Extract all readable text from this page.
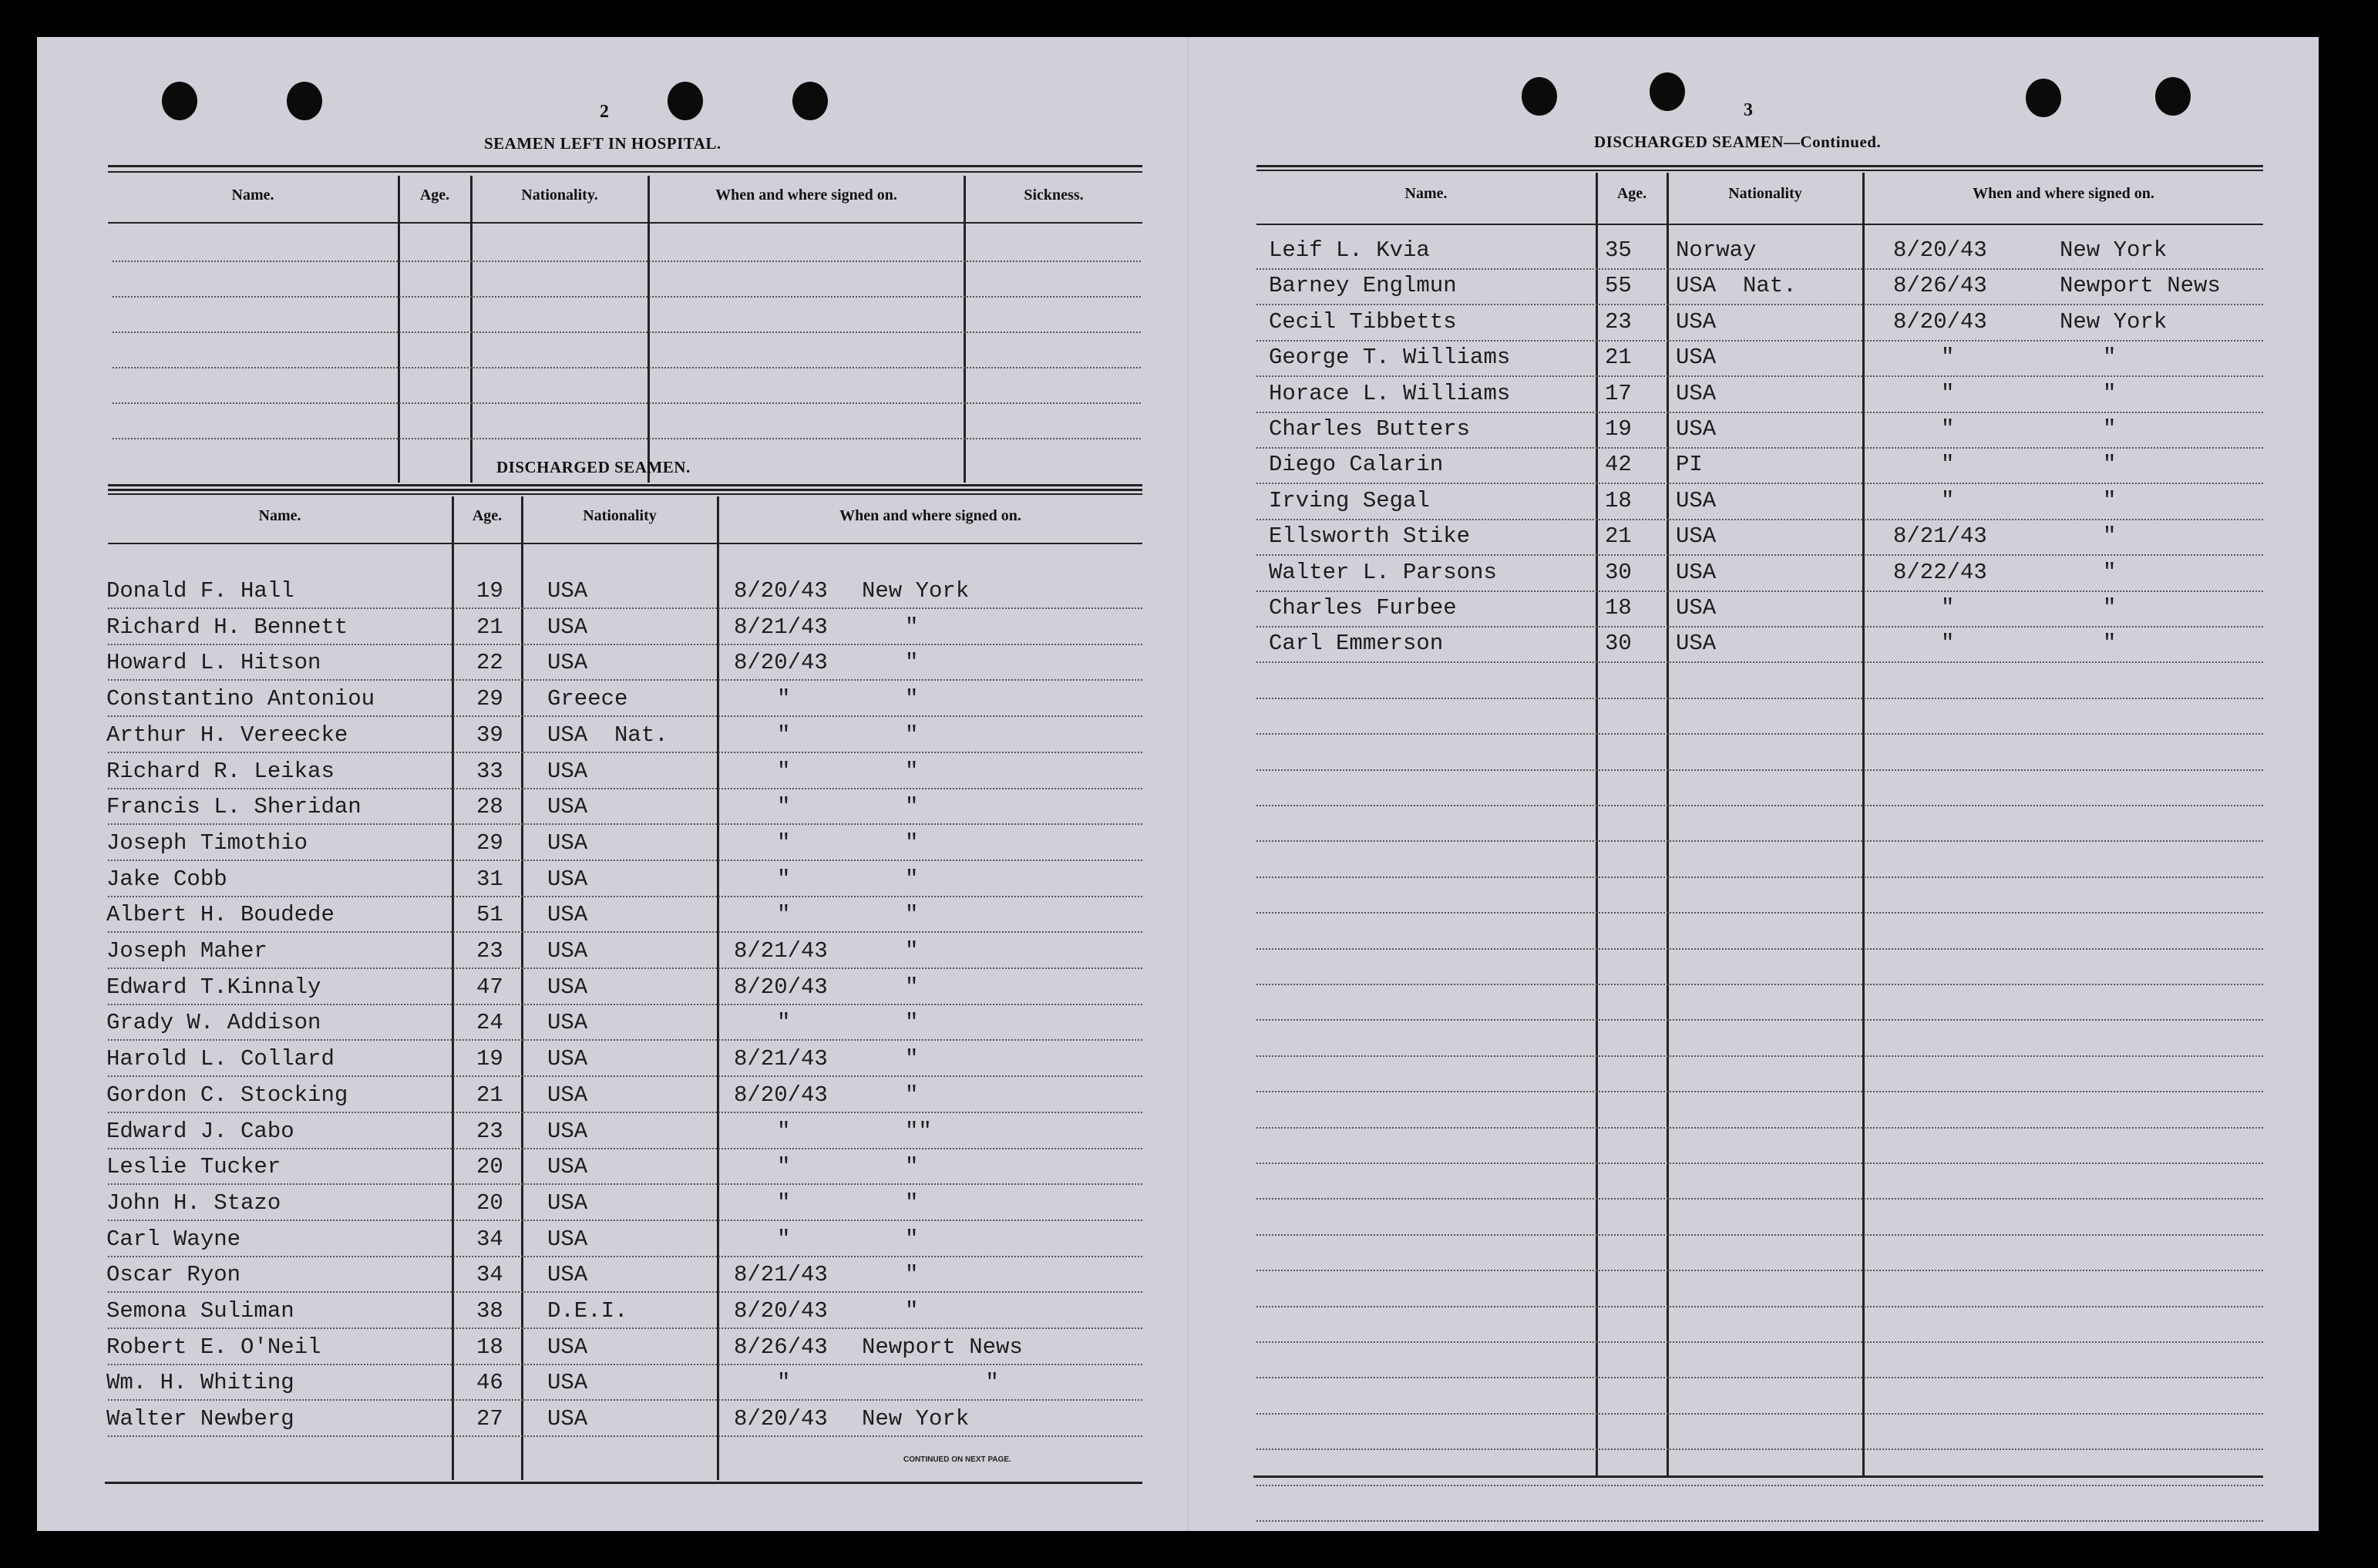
2
SEAMEN LEFT IN HOSPITAL.
Name.	Age.	Nationality.	When and where signed on.	Sickness.
DISCHARGED SEAMEN.
Name.	Age.	Nationality	When and where signed on.
Donald F. Hall	19 USA	8/20/43 New York
Richard H. Bennett	21 USA	8/21/43	"
Howard L. Hitson	22 USA	8/20/43	"
Constantino Antoniou	29 Greece	"	"
Arthur H. Vereecke	39 USA  Nat.	"	"
Richard R. Leikas	33 USA	"	"
Francis L. Sheridan	28 USA	"	"
Joseph Timothio	29 USA	"	"
Jake Cobb	31 USA	"	"
Albert H. Boudede	51 USA	"	"
Joseph Maher	23 USA	8/21/43	"
Edward T.Kinnaly	47 USA	8/20/43	"
Grady W. Addison	24 USA	"	"
Harold L. Collard	19 USA	8/21/43	"
Gordon C. Stocking	21 USA	8/20/43	"
Edward J. Cabo	23 USA	"	""
Leslie Tucker	20 USA	"	"
John H. Stazo	20 USA	"	"
Carl Wayne	34 USA	"	"
Oscar Ryon	34 USA	8/21/43	"
Semona Suliman	38 D.E.I.	8/20/43	"
Robert E. O'Neil	18 USA	8/26/43 Newport News
Wm. H. Whiting	46 USA	"	"
Walter Newberg	27 USA	8/20/43 New York
CONTINUED ON NEXT PAGE.
3
DISCHARGED SEAMEN—Continued.
Name.	Age.	Nationality	When and where signed on.
Leif L. Kvia	35 Norway	8/20/43	New York
Barney Englmun	55 USA  Nat.	8/26/43	Newport News
Cecil Tibbetts	23 USA	8/20/43	New York
George T. Williams	21 USA	"	"
Horace L. Williams	17 USA	"	"
Charles Butters	19 USA	"	"
Diego Calarin	42 PI	"	"
Irving Segal	18 USA	"	"
Ellsworth Stike	21 USA	8/21/43	"
Walter L. Parsons	30 USA	8/22/43	"
Charles Furbee	18 USA	"	"
Carl Emmerson	30 USA	"	"
